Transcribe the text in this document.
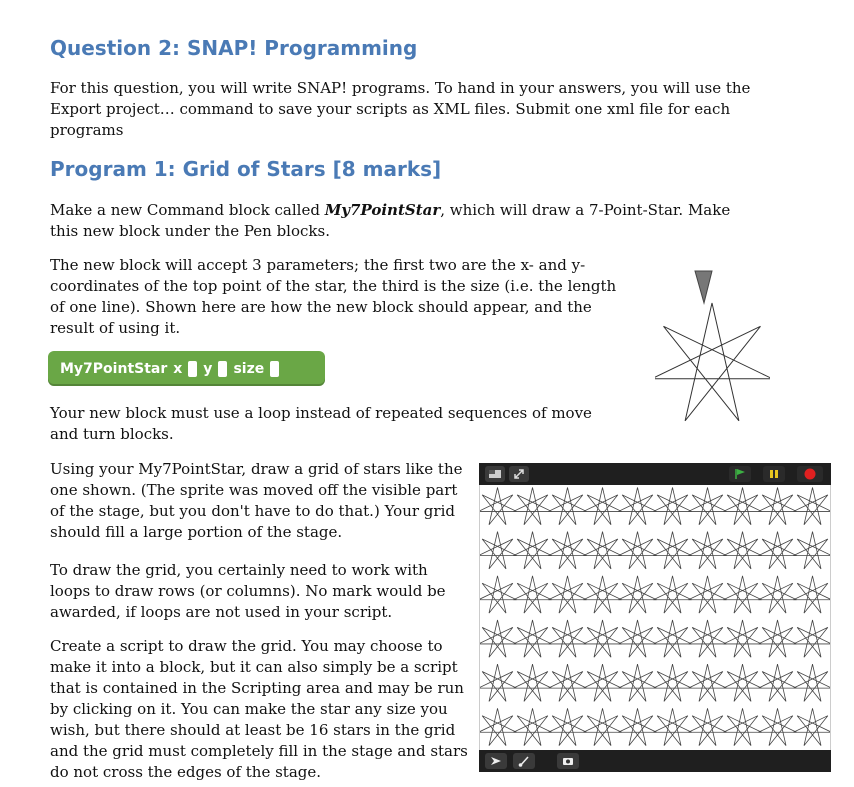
Question 2: SNAP! Programming

For this question, you will write SNAP! programs. To hand in your answers, you will use the Export project… command to save your scripts as XML files. Submit one xml file for each programs

Program 1: Grid of Stars [8 marks]

Make a new Command block called My7PointStar, which will draw a 7-Point-Star. Make this new block under the Pen blocks.

The new block will accept 3 parameters; the first two are the x- and y-coordinates of the top point of the star, the third is the size (i.e. the length of one line). Shown here are how the new block should appear, and the result of using it.

My7PointStar x y size

Your new block must use a loop instead of repeated sequences of move and turn blocks.

Using your My7PointStar, draw a grid of stars like the one shown. (The sprite was moved off the visible part of the stage, but you don't have to do that.) Your grid should fill a large portion of the stage.

To draw the grid, you certainly need to work with loops to draw rows (or columns). No mark would be awarded, if loops are not used in your script.

Create a script to draw the grid. You may choose to make it into a block, but it can also simply be a script that is contained in the Scripting area and may be run by clicking on it. You can make the star any size you wish, but there should at least be 16 stars in the grid and the grid must completely fill in the stage and stars do not cross the edges of the stage.
